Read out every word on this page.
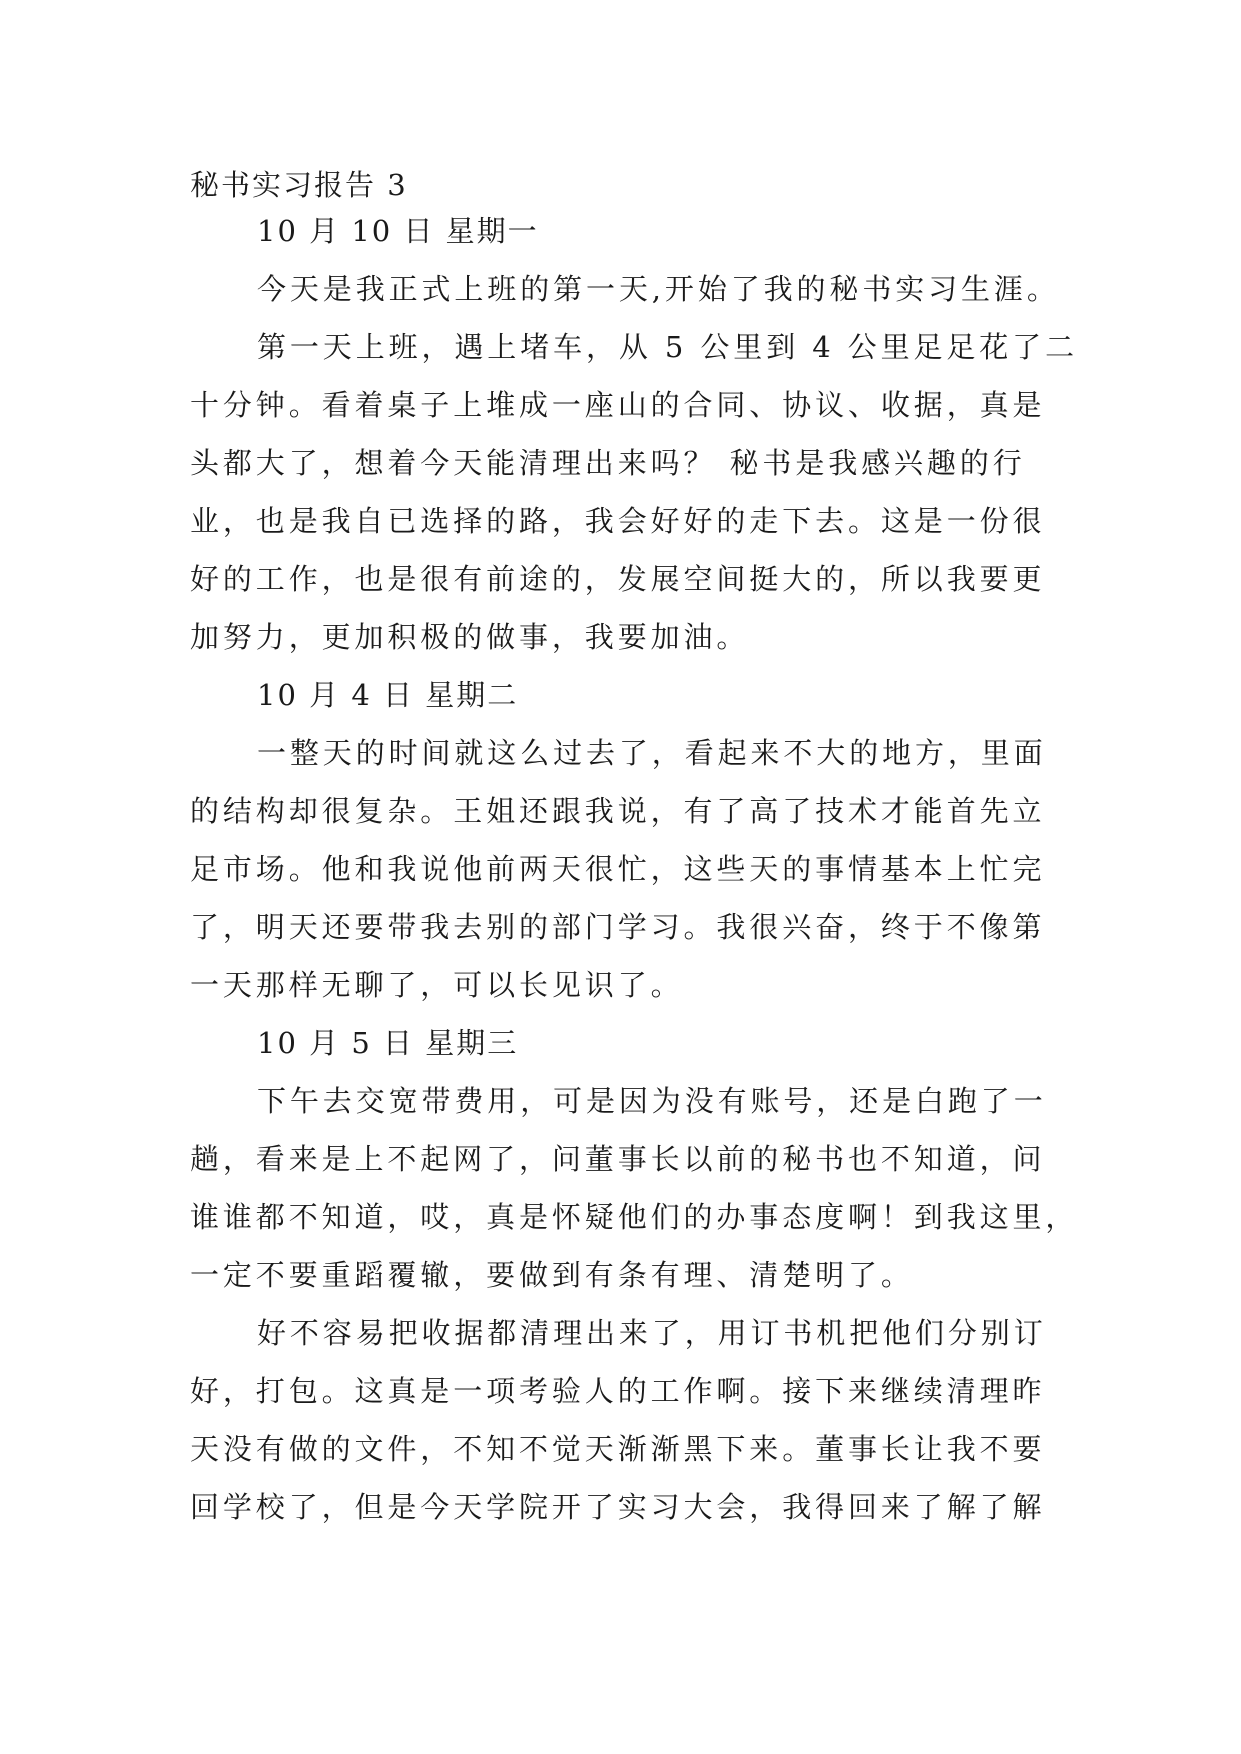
秘书实习报告 3
10 月 10 日 星期一
今天是我正式上班的第一天,开始了我的秘书实习生涯。
第一天上班，遇上堵车，从 5 公里到 4 公里足足花了二
十分钟。看着桌子上堆成一座山的合同、协议、收据，真是
头都大了，想着今天能清理出来吗？ 秘书是我感兴趣的行
业，也是我自已选择的路，我会好好的走下去。这是一份很
好的工作，也是很有前途的，发展空间挺大的，所以我要更
加努力，更加积极的做事，我要加油。
10 月 4 日 星期二
一整天的时间就这么过去了，看起来不大的地方，里面
的结构却很复杂。王姐还跟我说，有了高了技术才能首先立
足市场。他和我说他前两天很忙，这些天的事情基本上忙完
了，明天还要带我去别的部门学习。我很兴奋，终于不像第
一天那样无聊了，可以长见识了。
10 月 5 日 星期三
下午去交宽带费用，可是因为没有账号，还是白跑了一
趟，看来是上不起网了，问董事长以前的秘书也不知道，问
谁谁都不知道，哎，真是怀疑他们的办事态度啊！到我这里，
一定不要重蹈覆辙，要做到有条有理、清楚明了。
好不容易把收据都清理出来了，用订书机把他们分别订
好，打包。这真是一项考验人的工作啊。接下来继续清理昨
天没有做的文件，不知不觉天渐渐黑下来。董事长让我不要
回学校了，但是今天学院开了实习大会，我得回来了解了解
